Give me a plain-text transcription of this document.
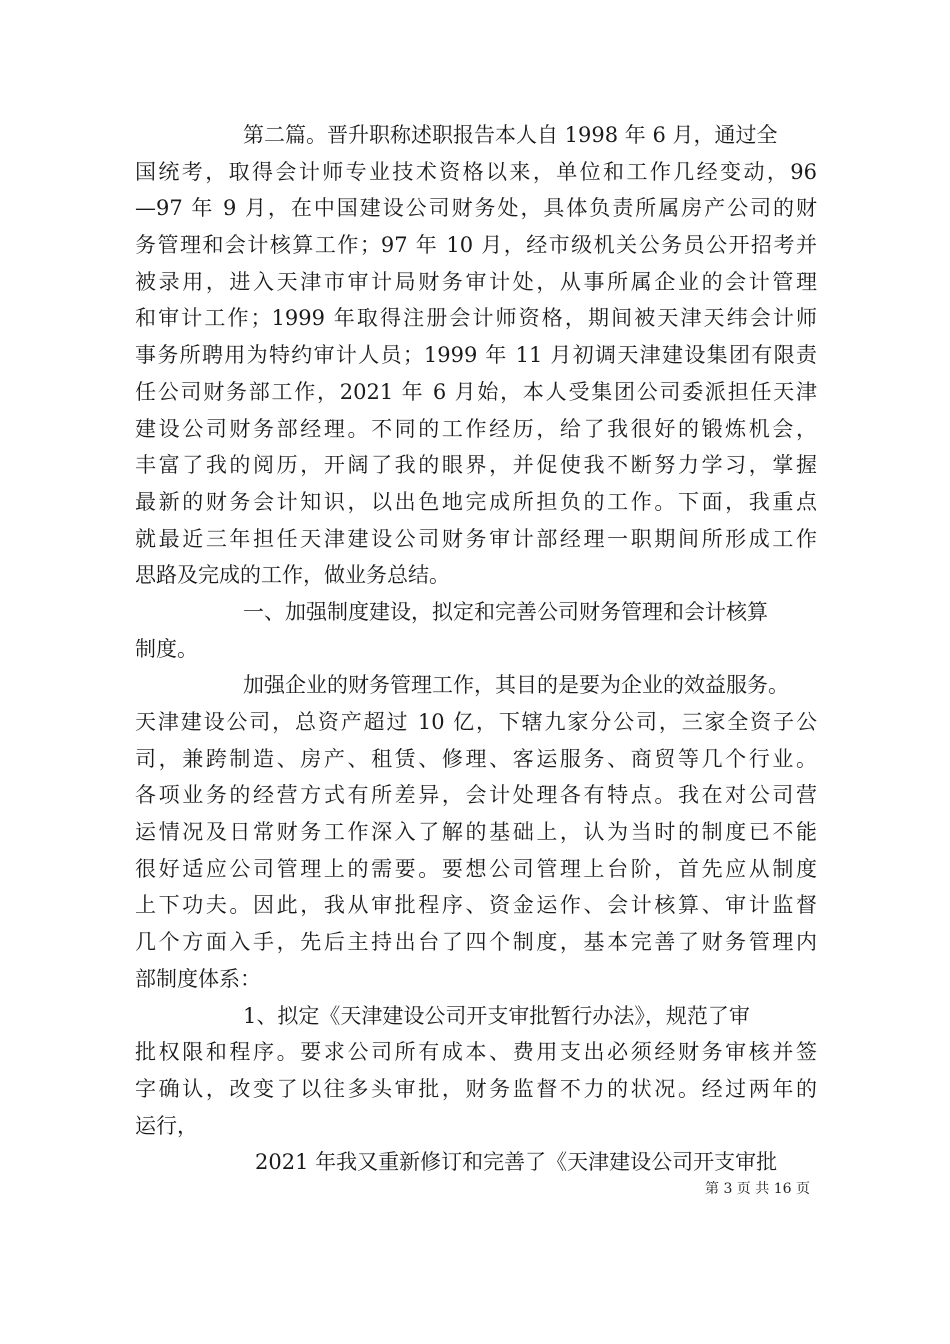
第二篇。晋升职称述职报告本人自 1998 年 6 月，通过全
国统考，取得会计师专业技术资格以来，单位和工作几经变动，96
—97 年 9 月，在中国建设公司财务处，具体负责所属房产公司的财
务管理和会计核算工作；97 年 10 月，经市级机关公务员公开招考并
被录用，进入天津市审计局财务审计处，从事所属企业的会计管理
和审计工作；1999 年取得注册会计师资格，期间被天津天纬会计师
事务所聘用为特约审计人员；1999 年 11 月初调天津建设集团有限责
任公司财务部工作，2021 年 6 月始，本人受集团公司委派担任天津
建设公司财务部经理。不同的工作经历，给了我很好的锻炼机会，
丰富了我的阅历，开阔了我的眼界，并促使我不断努力学习，掌握
最新的财务会计知识，以出色地完成所担负的工作。下面，我重点
就最近三年担任天津建设公司财务审计部经理一职期间所形成工作
思路及完成的工作，做业务总结。
一、加强制度建设，拟定和完善公司财务管理和会计核算
制度。
加强企业的财务管理工作，其目的是要为企业的效益服务。
天津建设公司，总资产超过 10 亿，下辖九家分公司，三家全资子公
司，兼跨制造、房产、租赁、修理、客运服务、商贸等几个行业。
各项业务的经营方式有所差异，会计处理各有特点。我在对公司营
运情况及日常财务工作深入了解的基础上，认为当时的制度已不能
很好适应公司管理上的需要。要想公司管理上台阶，首先应从制度
上下功夫。因此，我从审批程序、资金运作、会计核算、审计监督
几个方面入手，先后主持出台了四个制度，基本完善了财务管理内
部制度体系：
1、拟定《天津建设公司开支审批暂行办法》，规范了审
批权限和程序。要求公司所有成本、费用支出必须经财务审核并签
字确认，改变了以往多头审批，财务监督不力的状况。经过两年的
运行，
2021 年我又重新修订和完善了《天津建设公司开支审批
第 3 页 共 16 页
